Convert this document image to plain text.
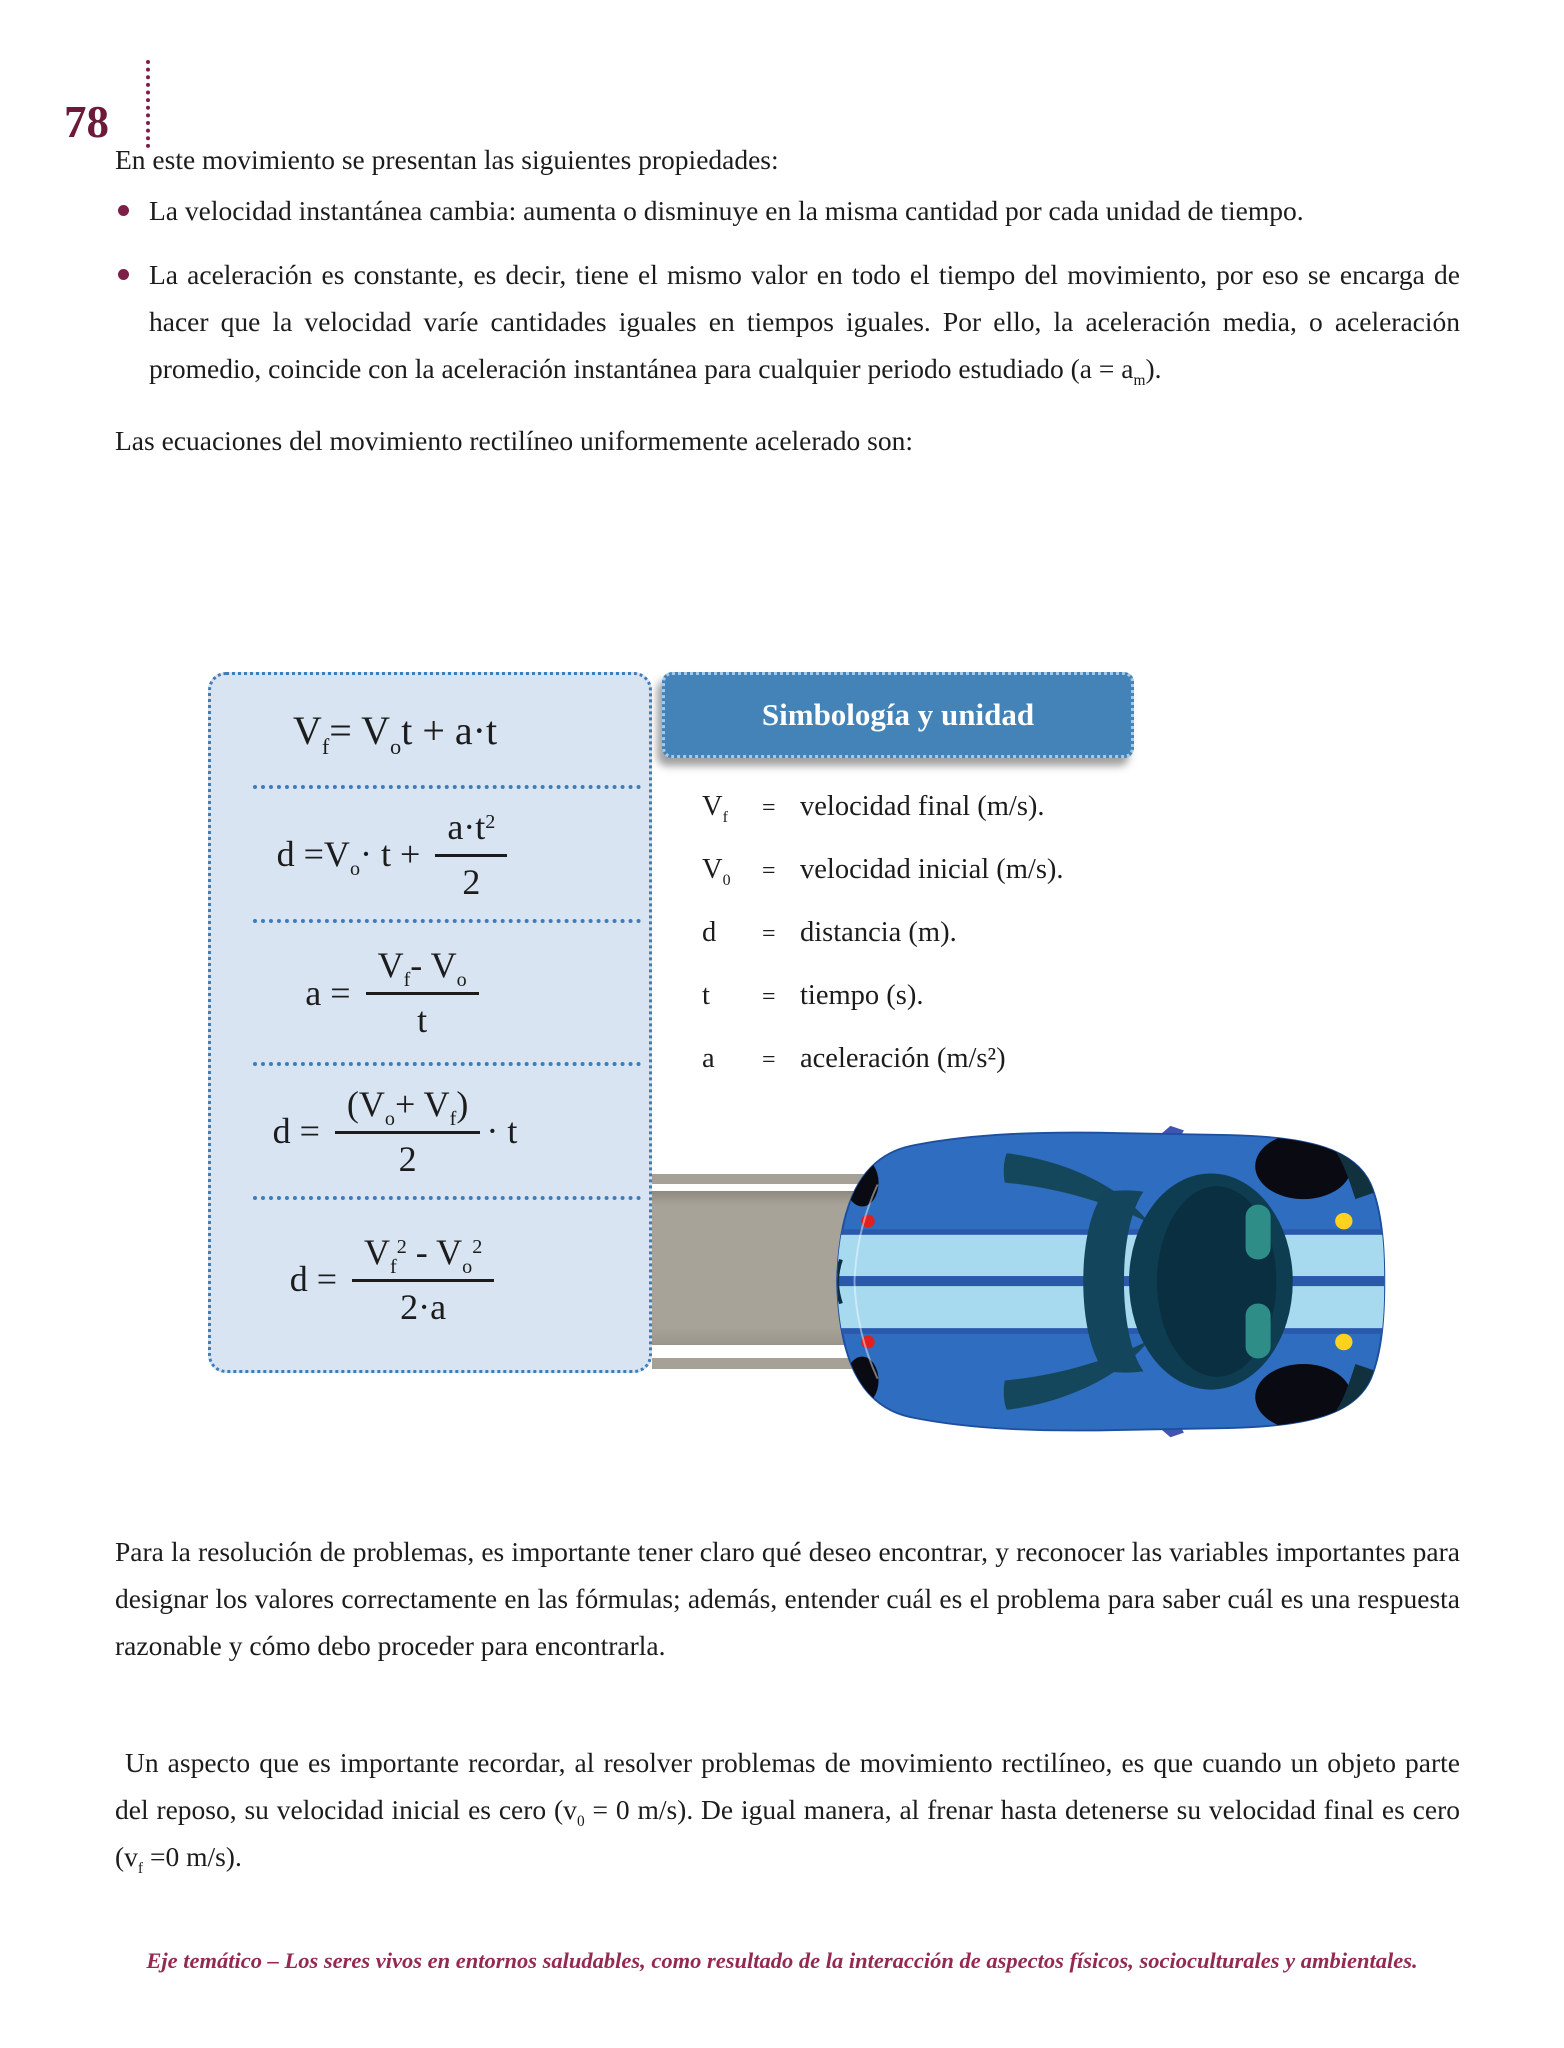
78
En este movimiento se presentan las siguientes propiedades:
La velocidad instantánea cambia: aumenta o disminuye en la misma cantidad por cada unidad de tiempo.
La aceleración es constante, es decir, tiene el mismo valor en todo el tiempo del movimiento, por eso se encarga de hacer que la velocidad varíe cantidades iguales en tiempos iguales. Por ello, la aceleración media, o aceleración promedio, coincide con la aceleración instantánea para cualquier periodo estudiado $(a = a_m)$.
Las ecuaciones del movimiento rectilíneo uniformemente acelerado son:
$V_f= V_ot + a\cdot t$
$d =V_o\cdot t + \frac{a\cdot t^2}{2}$
$a = \frac{V_f- V_o}{t}$
$d = \frac{(V_o+ V_f)}{2} \cdot t$
$d = \frac{V_f^2 - V_o^2}{2\cdot a}$
Simbología y unidad
$V_f$	= velocidad final (m/s).
$V_0$	= velocidad inicial (m/s).
d	= distancia (m).
t	= tiempo (s).
a	= aceleración (m/s²)
Para la resolución de problemas, es importante tener claro qué deseo encontrar, y reconocer las variables importantes para designar los valores correctamente en las fórmulas; además, entender cuál es el problema para saber cuál es una respuesta razonable y cómo debo proceder para encontrarla.
Un aspecto que es importante recordar, al resolver problemas de movimiento rectilíneo, es que cuando un objeto parte del reposo, su velocidad inicial es cero ($v_0 = 0$ m/s). De igual manera, al frenar hasta detenerse su velocidad final es cero ($v_f =0$ m/s).
Eje temático – Los seres vivos en entornos saludables, como resultado de la interacción de aspectos físicos, socioculturales y ambientales.
